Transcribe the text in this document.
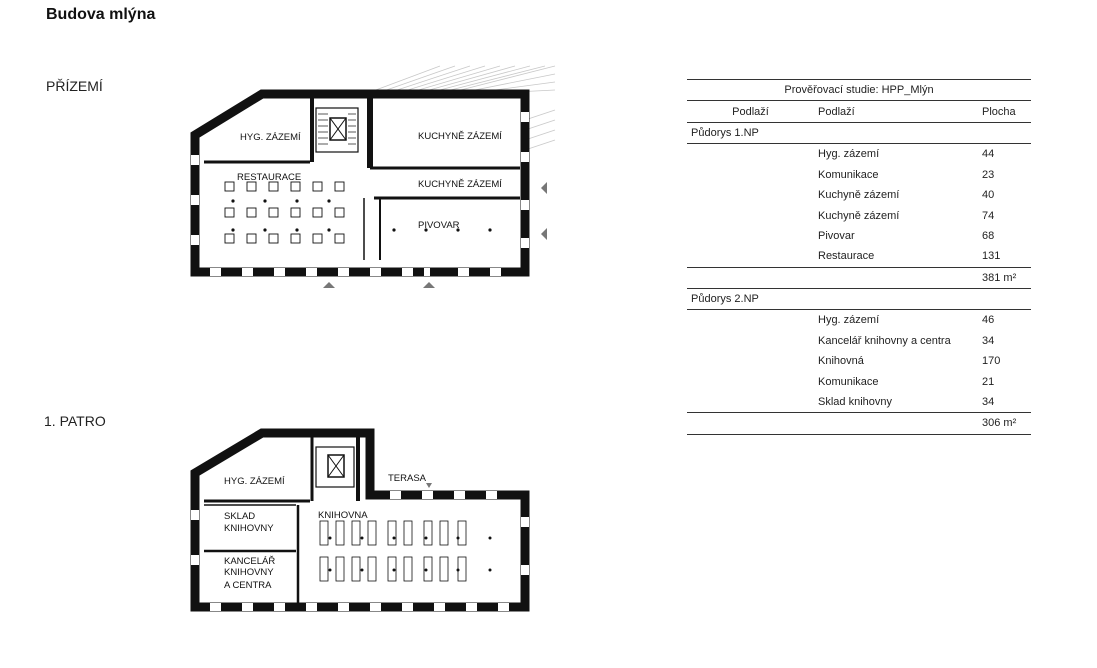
Budova mlýna
PŘÍZEMÍ
1. PATRO
HYG. ZÁZEMÍ	KUCHYNĚ ZÁZEMÍ
KUCHYNĚ ZÁZEMÍ
RESTAURACE
PIVOVAR
HYG. ZÁZEMÍ	TERASA
SKLAD
KNIHOVNY
KNIHOVNA
KANCELÁŘ
KNIHOVNY
A CENTRA
Prověřovací studie: HPP_Mlýn		
Podlaží	Podlaží	Plocha
Půdorys 1.NP		
	Hyg. zázemí	44
	Komunikace	23
	Kuchyně zázemí	40
	Kuchyně zázemí	74
	Pivovar	68
	Restaurace	131
		381 m²
Půdorys 2.NP		
	Hyg. zázemí	46
	Kancelář knihovny a centra	34
	Knihovná	170
	Komunikace	21
	Sklad knihovny	34
		306 m²
